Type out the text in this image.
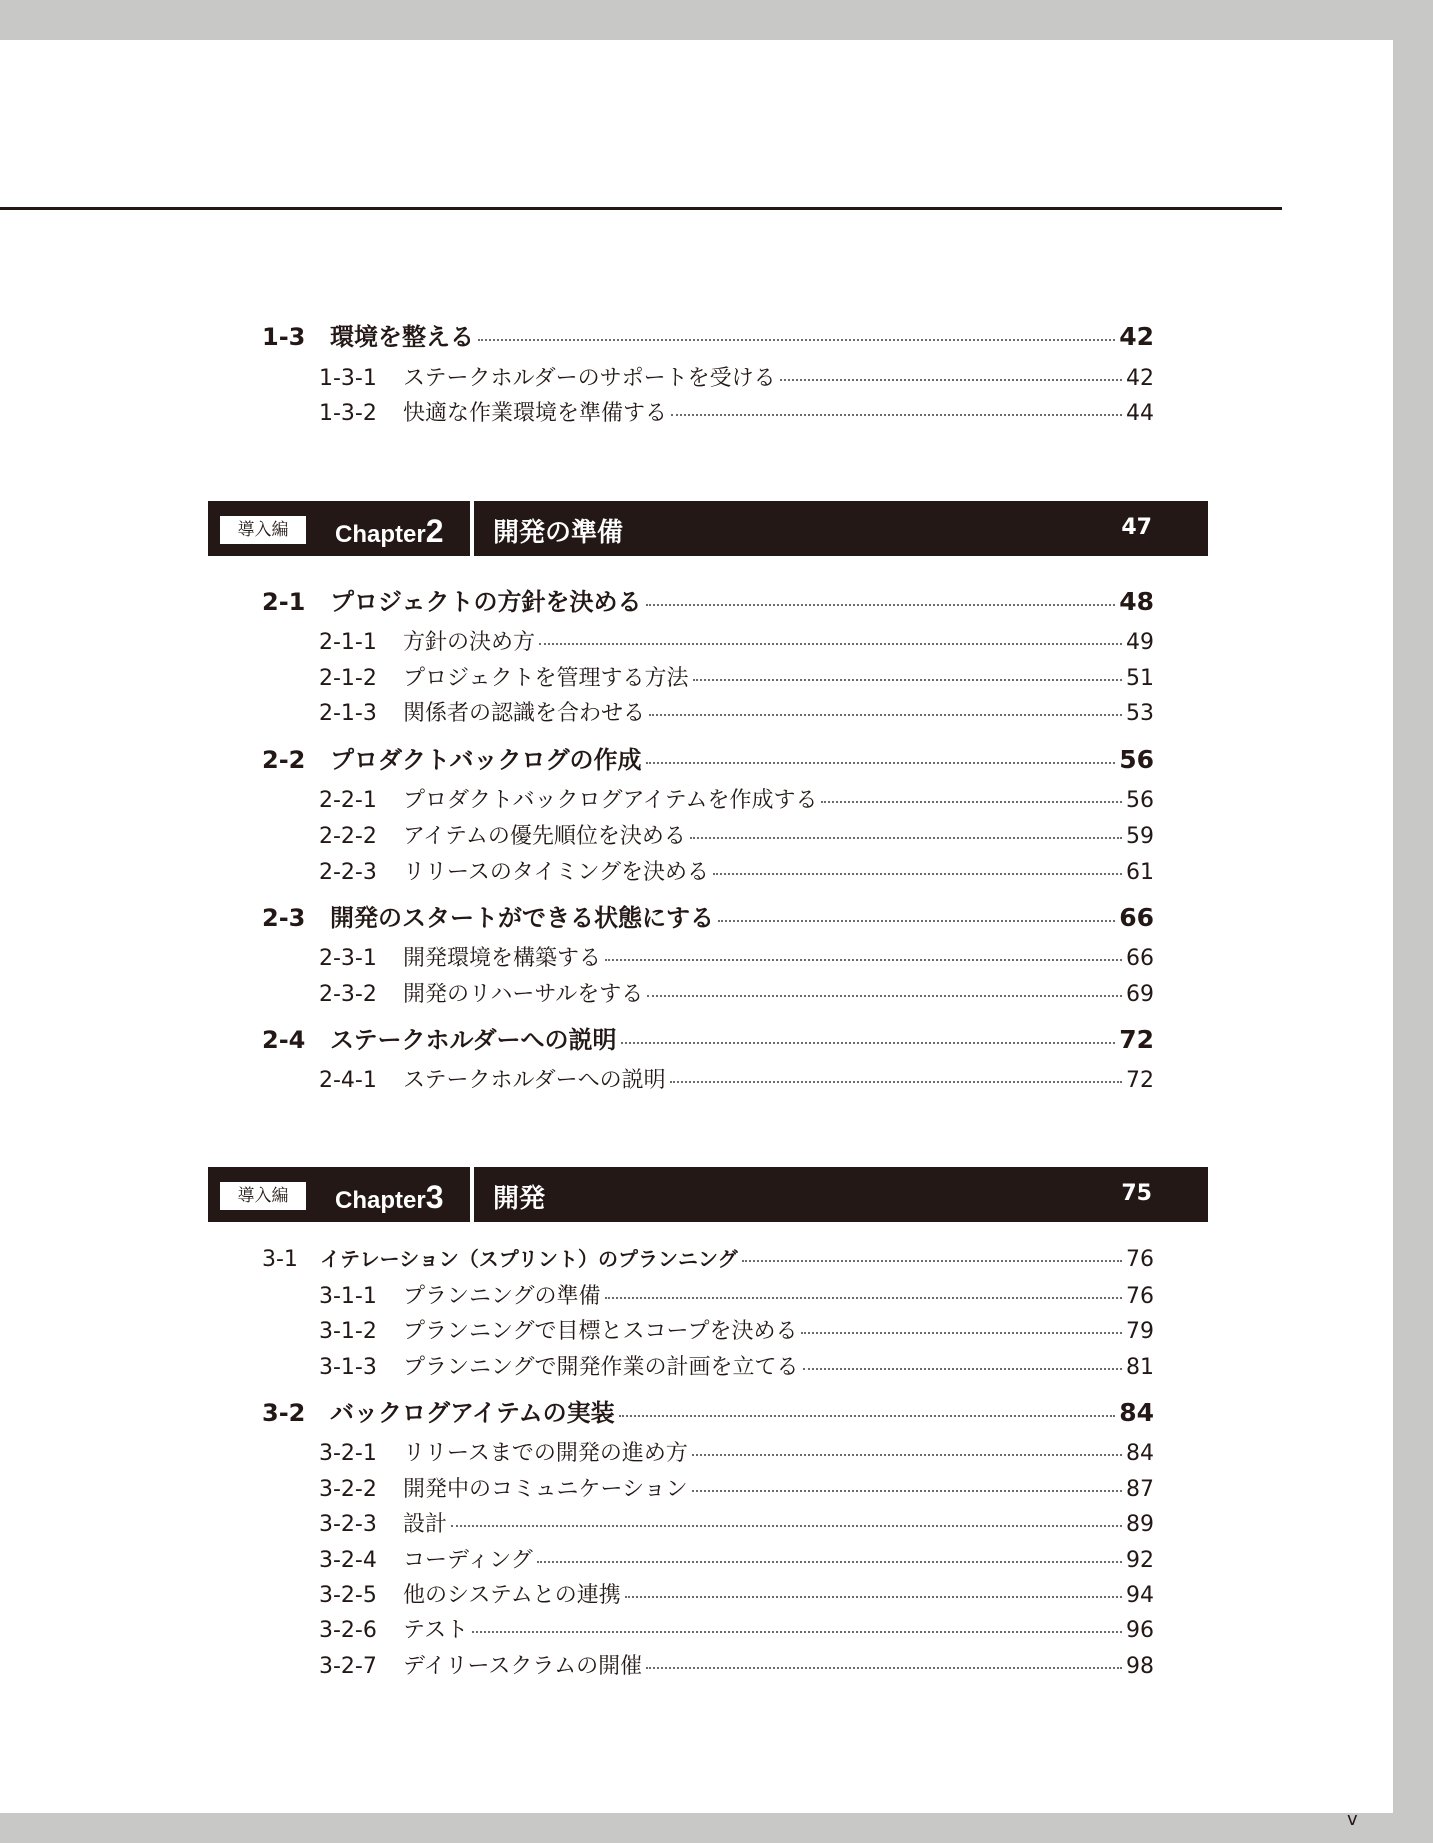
1-3	環境を整える	42
1-3-1	ステークホルダーのサポートを受ける	42
1-3-2	快適な作業環境を準備する	44
導入編	Chapter2 開発の準備	47
2-1	プロジェクトの方針を決める	48
2-1-1	方針の決め方	49
2-1-2	プロジェクトを管理する方法	51
2-1-3	関係者の認識を合わせる	53
2-2	プロダクトバックログの作成	56
2-2-1	プロダクトバックログアイテムを作成する	56
2-2-2	アイテムの優先順位を決める	59
2-2-3	リリースのタイミングを決める	61
2-3	開発のスタートができる状態にする	66
2-3-1	開発環境を構築する	66
2-3-2	開発のリハーサルをする	69
2-4	ステークホルダーへの説明	72
2-4-1	ステークホルダーへの説明	72
導入編	Chapter3 開発	75
3-1	イテレーション（スプリント）のプランニング	76
3-1-1	プランニングの準備	76
3-1-2	プランニングで目標とスコープを決める	79
3-1-3	プランニングで開発作業の計画を立てる	81
3-2	バックログアイテムの実装	84
3-2-1	リリースまでの開発の進め方	84
3-2-2	開発中のコミュニケーション	87
3-2-3	設計	89
3-2-4	コーディング	92
3-2-5	他のシステムとの連携	94
3-2-6	テスト	96
3-2-7	デイリースクラムの開催	98
v
